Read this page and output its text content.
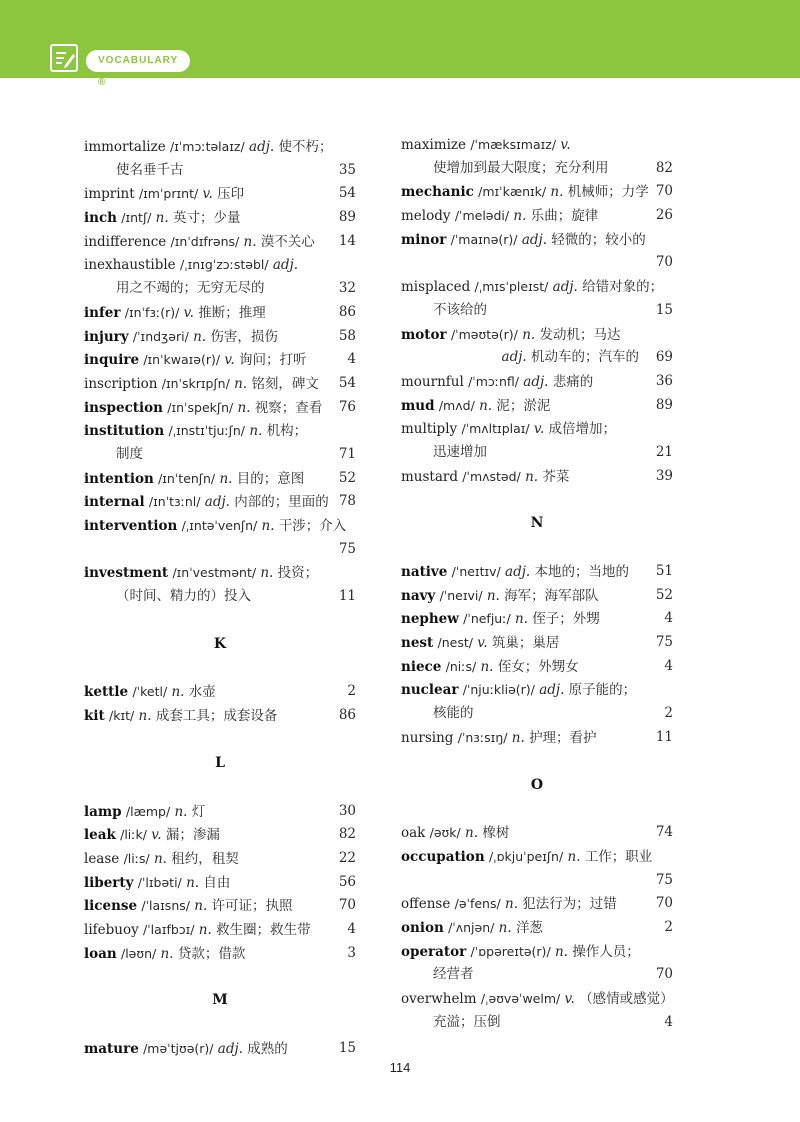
VOCABULARY ®
immortalize /ɪˈmɔːtəlaɪz/ adj. 使不朽；
使名垂千古	35
imprint /ɪmˈprɪnt/ v. 压印	54
inch /ɪntʃ/ n. 英寸；少量	89
indifference /ɪnˈdɪfrəns/ n. 漠不关心 14
inexhaustible /ˌɪnɪgˈzɔːstəbl/ adj.
用之不竭的；无穷无尽的	32
infer /ɪnˈfɜː(r)/ v. 推断；推理	86
injury /ˈɪndʒəri/ n. 伤害，损伤	58
inquire /ɪnˈkwaɪə(r)/ v. 询问；打听	4
inscription /ɪnˈskrɪpʃn/ n. 铭刻，碑文 54
inspection /ɪnˈspekʃn/ n. 视察；查看 76
institution /ˌɪnstɪˈtjuːʃn/ n. 机构；
制度	71
intention /ɪnˈtenʃn/ n. 目的；意图	52
internal /ɪnˈtɜːnl/ adj. 内部的；里面的 78
intervention /ˌɪntəˈvenʃn/ n. 干涉；介入
75
investment /ɪnˈvestmənt/ n. 投资；
（时间、精力的）投入	11
K
kettle /ˈketl/ n. 水壶	2
kit /kɪt/ n. 成套工具；成套设备	86
L
lamp /læmp/ n. 灯	30
leak /liːk/ v. 漏；渗漏	82
lease /liːs/ n. 租约，租契	22
liberty /ˈlɪbəti/ n. 自由	56
license /ˈlaɪsns/ n. 许可证；执照	70
lifebuoy /ˈlaɪfbɔɪ/ n. 救生圈；救生带	4
loan /ləʊn/ n. 贷款；借款	3
M
mature /məˈtjʊə(r)/ adj. 成熟的	15
maximize /ˈmæksɪmaɪz/ v.
使增加到最大限度；充分利用	82
mechanic /mɪˈkænɪk/ n. 机械师；力学 70
melody /ˈmelədi/ n. 乐曲；旋律	26
minor /ˈmaɪnə(r)/ adj. 轻微的；较小的
70
misplaced /ˌmɪsˈpleɪst/ adj. 给错对象的；
不该给的	15
motor /ˈməʊtə(r)/ n. 发动机；马达
adj. 机动车的；汽车的 69
mournful /ˈmɔːnfl/ adj. 悲痛的	36
mud /mʌd/ n. 泥；淤泥	89
multiply /ˈmʌltɪplaɪ/ v. 成倍增加；
迅速增加	21
mustard /ˈmʌstəd/ n. 芥菜	39
N
native /ˈneɪtɪv/ adj. 本地的；当地的 51
navy /ˈneɪvi/ n. 海军；海军部队	52
nephew /ˈnefjuː/ n. 侄子；外甥	4
nest /nest/ v. 筑巢；巢居	75
niece /niːs/ n. 侄女；外甥女	4
nuclear /ˈnjuːkliə(r)/ adj. 原子能的；
核能的	2
nursing /ˈnɜːsɪŋ/ n. 护理；看护	11
O
oak /əʊk/ n. 橡树	74
occupation /ˌɒkjuˈpeɪʃn/ n. 工作；职业
75
offense /əˈfens/ n. 犯法行为；过错	70
onion /ˈʌnjən/ n. 洋葱	2
operator /ˈɒpəreɪtə(r)/ n. 操作人员；
经营者	70
overwhelm /ˌəʊvəˈwelm/ v. （感情或感觉）
充溢；压倒	4
114
